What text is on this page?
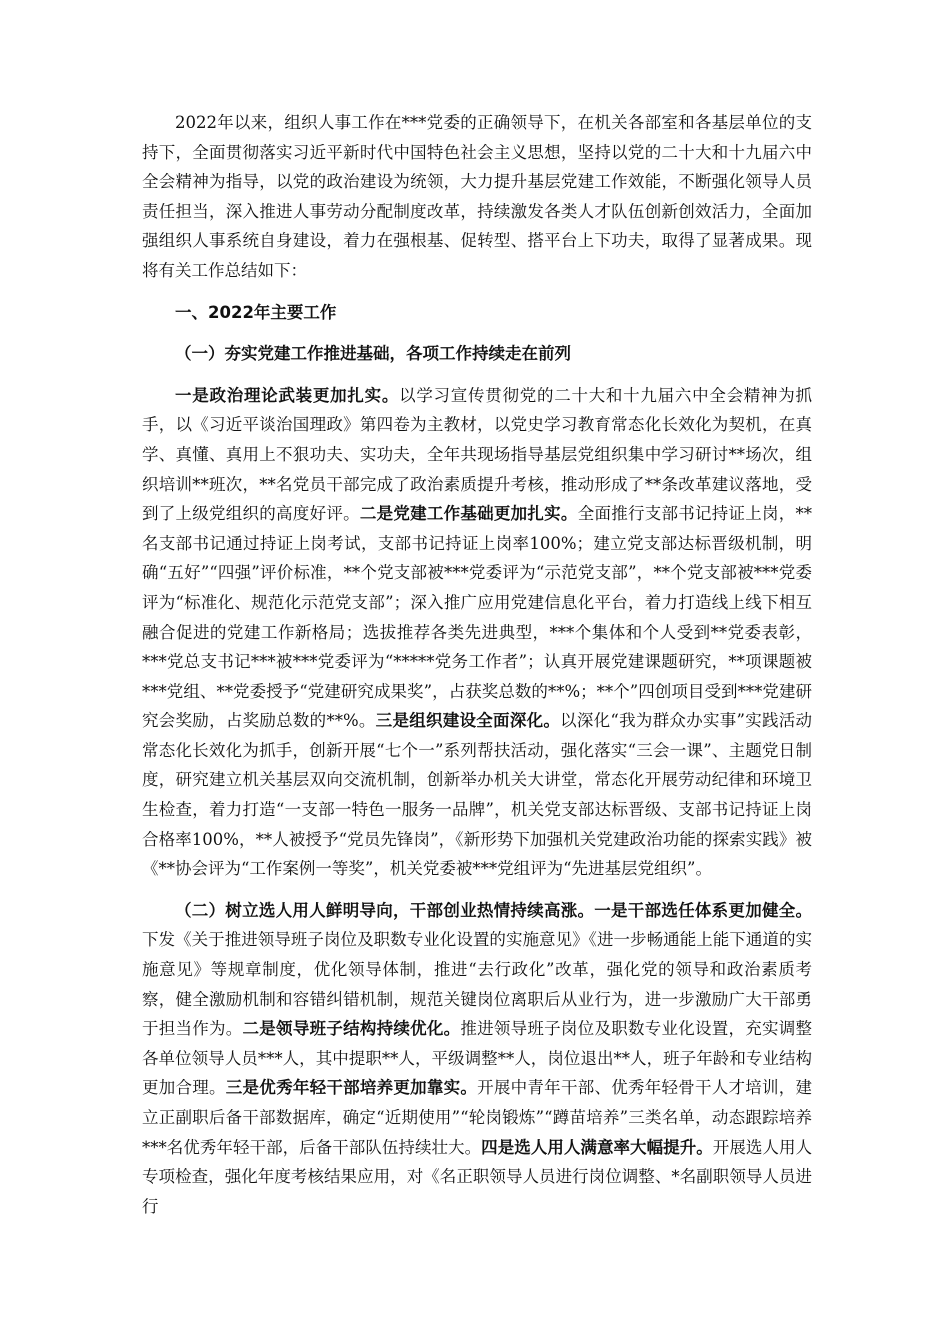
2022年以来，组织人事工作在***党委的正确领导下，在机关各部室和各基层单位的支持下，全面贯彻落实习近平新时代中国特色社会主义思想，坚持以党的二十大和十九届六中全会精神为指导，以党的政治建设为统领，大力提升基层党建工作效能，不断强化领导人员责任担当，深入推进人事劳动分配制度改革，持续激发各类人才队伍创新创效活力，全面加强组织人事系统自身建设，着力在强根基、促转型、搭平台上下功夫，取得了显著成果。现将有关工作总结如下：

一、2022年主要工作

（一）夯实党建工作推进基础，各项工作持续走在前列

一是政治理论武装更加扎实。以学习宣传贯彻党的二十大和十九届六中全会精神为抓手，以《习近平谈治国理政》第四卷为主教材，以党史学习教育常态化长效化为契机，在真学、真懂、真用上不狠功夫、实功夫，全年共现场指导基层党组织集中学习研讨**场次，组织培训**班次，**名党员干部完成了政治素质提升考核，推动形成了**条改革建议落地，受到了上级党组织的高度好评。二是党建工作基础更加扎实。全面推行支部书记持证上岗，**名支部书记通过持证上岗考试，支部书记持证上岗率100%；建立党支部达标晋级机制，明确“五好”“四强”评价标准，**个党支部被***党委评为“示范党支部”，**个党支部被***党委评为“标准化、规范化示范党支部”；深入推广应用党建信息化平台，着力打造线上线下相互融合促进的党建工作新格局；选拔推荐各类先进典型，***个集体和个人受到**党委表彰，***党总支书记***被***党委评为“*****党务工作者”；认真开展党建课题研究，**项课题被***党组、**党委授予“党建研究成果奖”，占获奖总数的**%；**个”四创项目受到***党建研究会奖励，占奖励总数的**%。三是组织建设全面深化。以深化“我为群众办实事”实践活动常态化长效化为抓手，创新开展“七个一”系列帮扶活动，强化落实“三会一课”、主题党日制度，研究建立机关基层双向交流机制，创新举办机关大讲堂，常态化开展劳动纪律和环境卫生检查，着力打造“一支部一特色一服务一品牌”，机关党支部达标晋级、支部书记持证上岗合格率100%，**人被授予“党员先锋岗”，《新形势下加强机关党建政治功能的探索实践》被《**协会评为“工作案例一等奖”，机关党委被***党组评为“先进基层党组织”。

（二）树立选人用人鲜明导向，干部创业热情持续高涨。一是干部选任体系更加健全。下发《关于推进领导班子岗位及职数专业化设置的实施意见》《进一步畅通能上能下通道的实施意见》等规章制度，优化领导体制，推进“去行政化”改革，强化党的领导和政治素质考察，健全激励机制和容错纠错机制，规范关键岗位离职后从业行为，进一步激励广大干部勇于担当作为。二是领导班子结构持续优化。推进领导班子岗位及职数专业化设置，充实调整各单位领导人员***人，其中提职**人，平级调整**人，岗位退出**人，班子年龄和专业结构更加合理。三是优秀年轻干部培养更加靠实。开展中青年干部、优秀年轻骨干人才培训，建立正副职后备干部数据库，确定“近期使用”“轮岗锻炼”“蹲苗培养”三类名单，动态跟踪培养***名优秀年轻干部，后备干部队伍持续壮大。四是选人用人满意率大幅提升。开展选人用人专项检查，强化年度考核结果应用，对《名正职领导人员进行岗位调整、*名副职领导人员进行
